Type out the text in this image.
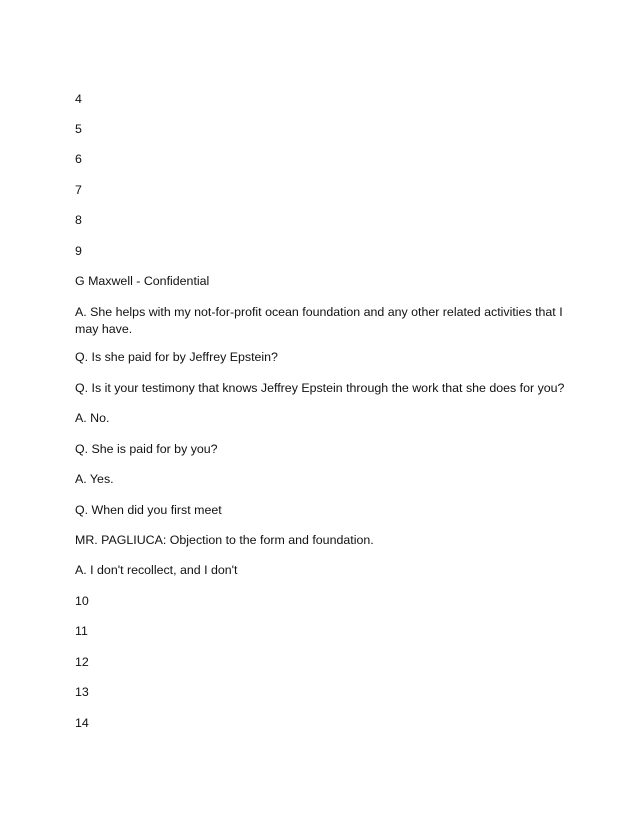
4

5

6

7

8

9

G Maxwell - Confidential

A. She helps with my not-for-profit ocean foundation and any other related activities that I may have.

Q. Is she paid for by Jeffrey Epstein?

Q. Is it your testimony that knows Jeffrey Epstein through the work that she does for you?

A. No.

Q. She is paid for by you?

A. Yes.

Q. When did you first meet

MR. PAGLIUCA: Objection to the form and foundation.

A. I don't recollect, and I don't

10

11

12

13

14
